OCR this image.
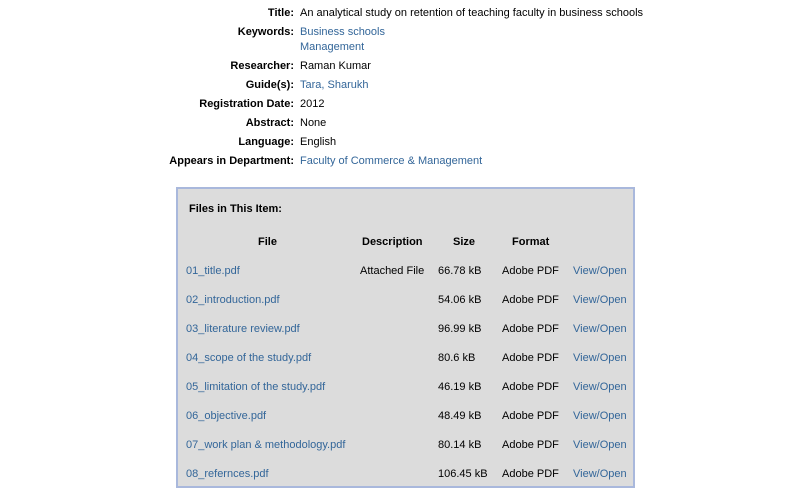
Title: An analytical study on retention of teaching faculty in business schools
Keywords: Business schools
Management
Researcher: Raman Kumar
Guide(s): Tara, Sharukh
Registration Date: 2012
Abstract: None
Language: English
Appears in Department: Faculty of Commerce & Management
Files in This Item:
File	Description	Size	Format
01_title.pdf	Attached File 66.78 kB Adobe PDF View/Open
02_introduction.pdf	54.06 kB Adobe PDF View/Open
03_literature review.pdf	96.99 kB Adobe PDF View/Open
04_scope of the study.pdf	80.6 kB Adobe PDF View/Open
05_limitation of the study.pdf	46.19 kB Adobe PDF View/Open
06_objective.pdf	48.49 kB Adobe PDF View/Open
07_work plan & methodology.pdf	80.14 kB Adobe PDF View/Open
08_refernces.pdf	106.45 kB Adobe PDF View/Open
